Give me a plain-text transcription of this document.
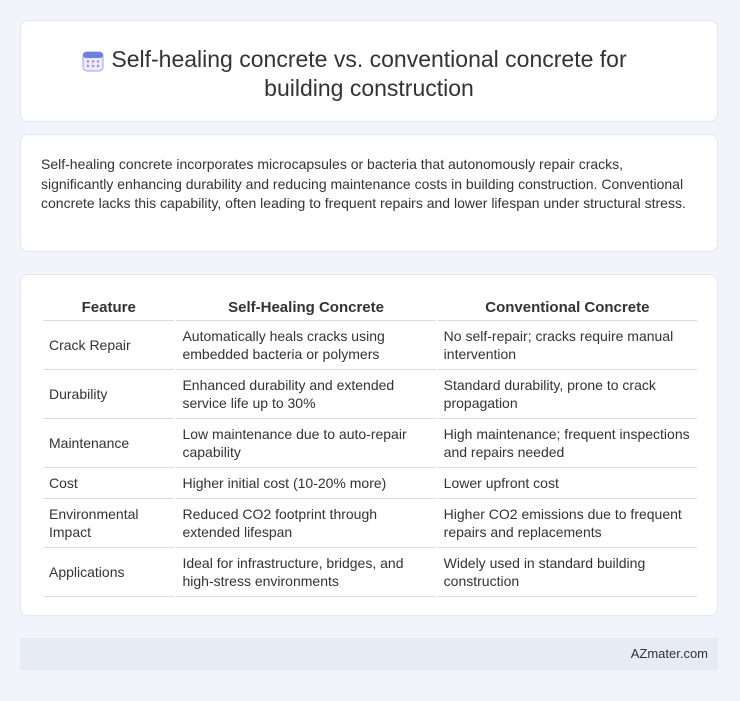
Self-healing concrete vs. conventional concrete for building construction
Self-healing concrete incorporates microcapsules or bacteria that autonomously repair cracks, significantly enhancing durability and reducing maintenance costs in building construction. Conventional concrete lacks this capability, often leading to frequent repairs and lower lifespan under structural stress.
Feature	Self-Healing Concrete	Conventional Concrete
Crack Repair	Automatically heals cracks using embedded bacteria or polymers	No self-repair; cracks require manual intervention
Durability	Enhanced durability and extended service life up to 30%	Standard durability, prone to crack propagation
Maintenance	Low maintenance due to auto-repair capability	High maintenance; frequent inspections and repairs needed
Cost	Higher initial cost (10-20% more)	Lower upfront cost
Environmental Impact	Reduced CO2 footprint through extended lifespan	Higher CO2 emissions due to frequent repairs and replacements
Applications	Ideal for infrastructure, bridges, and high-stress environments	Widely used in standard building construction
AZmater.com
